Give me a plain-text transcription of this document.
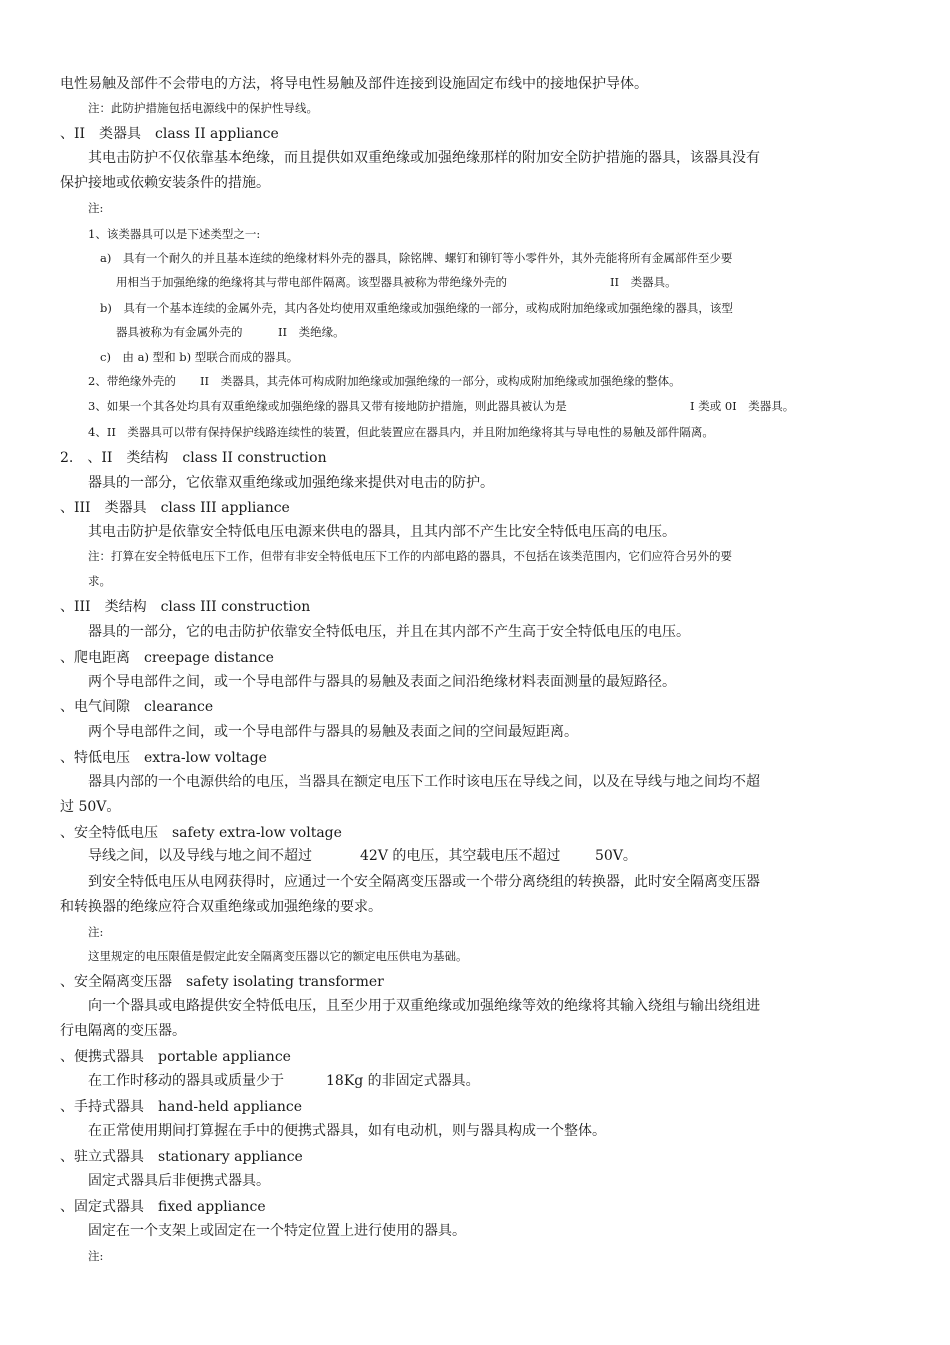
电性易触及部件不会带电的方法，将导电性易触及部件连接到设施固定布线中的接地保护导体。
注：此防护措施包括电源线中的保护性导线。
、II　类器具　class II appliance
其电击防护不仅依靠基本绝缘，而且提供如双重绝缘或加强绝缘那样的附加安全防护措施的器具，该器具没有
保护接地或依赖安装条件的措施。
注:
1、该类器具可以是下述类型之一:
a)　具有一个耐久的并且基本连续的绝缘材料外壳的器具，除铭牌、螺钉和铆钉等小零件外，其外壳能将所有金属部件至少要
用相当于加强绝缘的绝缘将其与带电部件隔离。该型器具被称为带绝缘外壳的	II　类器具。
b)　具有一个基本连续的金属外壳，其内各处均使用双重绝缘或加强绝缘的一部分，或构成附加绝缘或加强绝缘的器具，该型
器具被称为有金属外壳的	II　类绝缘。
c)　由 a) 型和 b) 型联合而成的器具。
2、带绝缘外壳的 II　类器具，其壳体可构成附加绝缘或加强绝缘的一部分，或构成附加绝缘或加强绝缘的整体。
3、如果一个其各处均具有双重绝缘或加强绝缘的器具又带有接地防护措施，则此器具被认为是	I 类或 0I　类器具。
4、II　类器具可以带有保持保护线路连续性的装置，但此装置应在器具内，并且附加绝缘将其与导电性的易触及部件隔离。
2.　、II　类结构　class II construction
器具的一部分，它依靠双重绝缘或加强绝缘来提供对电击的防护。
、III　类器具　class III appliance
其电击防护是依靠安全特低电压电源来供电的器具，且其内部不产生比安全特低电压高的电压。
注：打算在安全特低电压下工作，但带有非安全特低电压下工作的内部电路的器具，不包括在该类范围内，它们应符合另外的要
求。
、III　类结构　class III construction
器具的一部分，它的电击防护依靠安全特低电压，并且在其内部不产生高于安全特低电压的电压。
、爬电距离　creepage distance
两个导电部件之间，或一个导电部件与器具的易触及表面之间沿绝缘材料表面测量的最短路径。
、电气间隙　clearance
两个导电部件之间，或一个导电部件与器具的易触及表面之间的空间最短距离。
、特低电压　extra-low voltage
器具内部的一个电源供给的电压，当器具在额定电压下工作时该电压在导线之间，以及在导线与地之间均不超
过 50V。
、安全特低电压　safety extra-low voltage
导线之间，以及导线与地之间不超过	42V 的电压，其空载电压不超过 50V。
到安全特低电压从电网获得时，应通过一个安全隔离变压器或一个带分离绕组的转换器，此时安全隔离变压器
和转换器的绝缘应符合双重绝缘或加强绝缘的要求。
注:
这里规定的电压限值是假定此安全隔离变压器以它的额定电压供电为基础。
、安全隔离变压器　safety isolating transformer
向一个器具或电路提供安全特低电压，且至少用于双重绝缘或加强绝缘等效的绝缘将其输入绕组与输出绕组进
行电隔离的变压器。
、便携式器具　portable appliance
在工作时移动的器具或质量少于	18Kg 的非固定式器具。
、手持式器具　hand-held appliance
在正常使用期间打算握在手中的便携式器具，如有电动机，则与器具构成一个整体。
、驻立式器具　stationary appliance
固定式器具后非便携式器具。
、固定式器具　fixed appliance
固定在一个支架上或固定在一个特定位置上进行使用的器具。
注:
